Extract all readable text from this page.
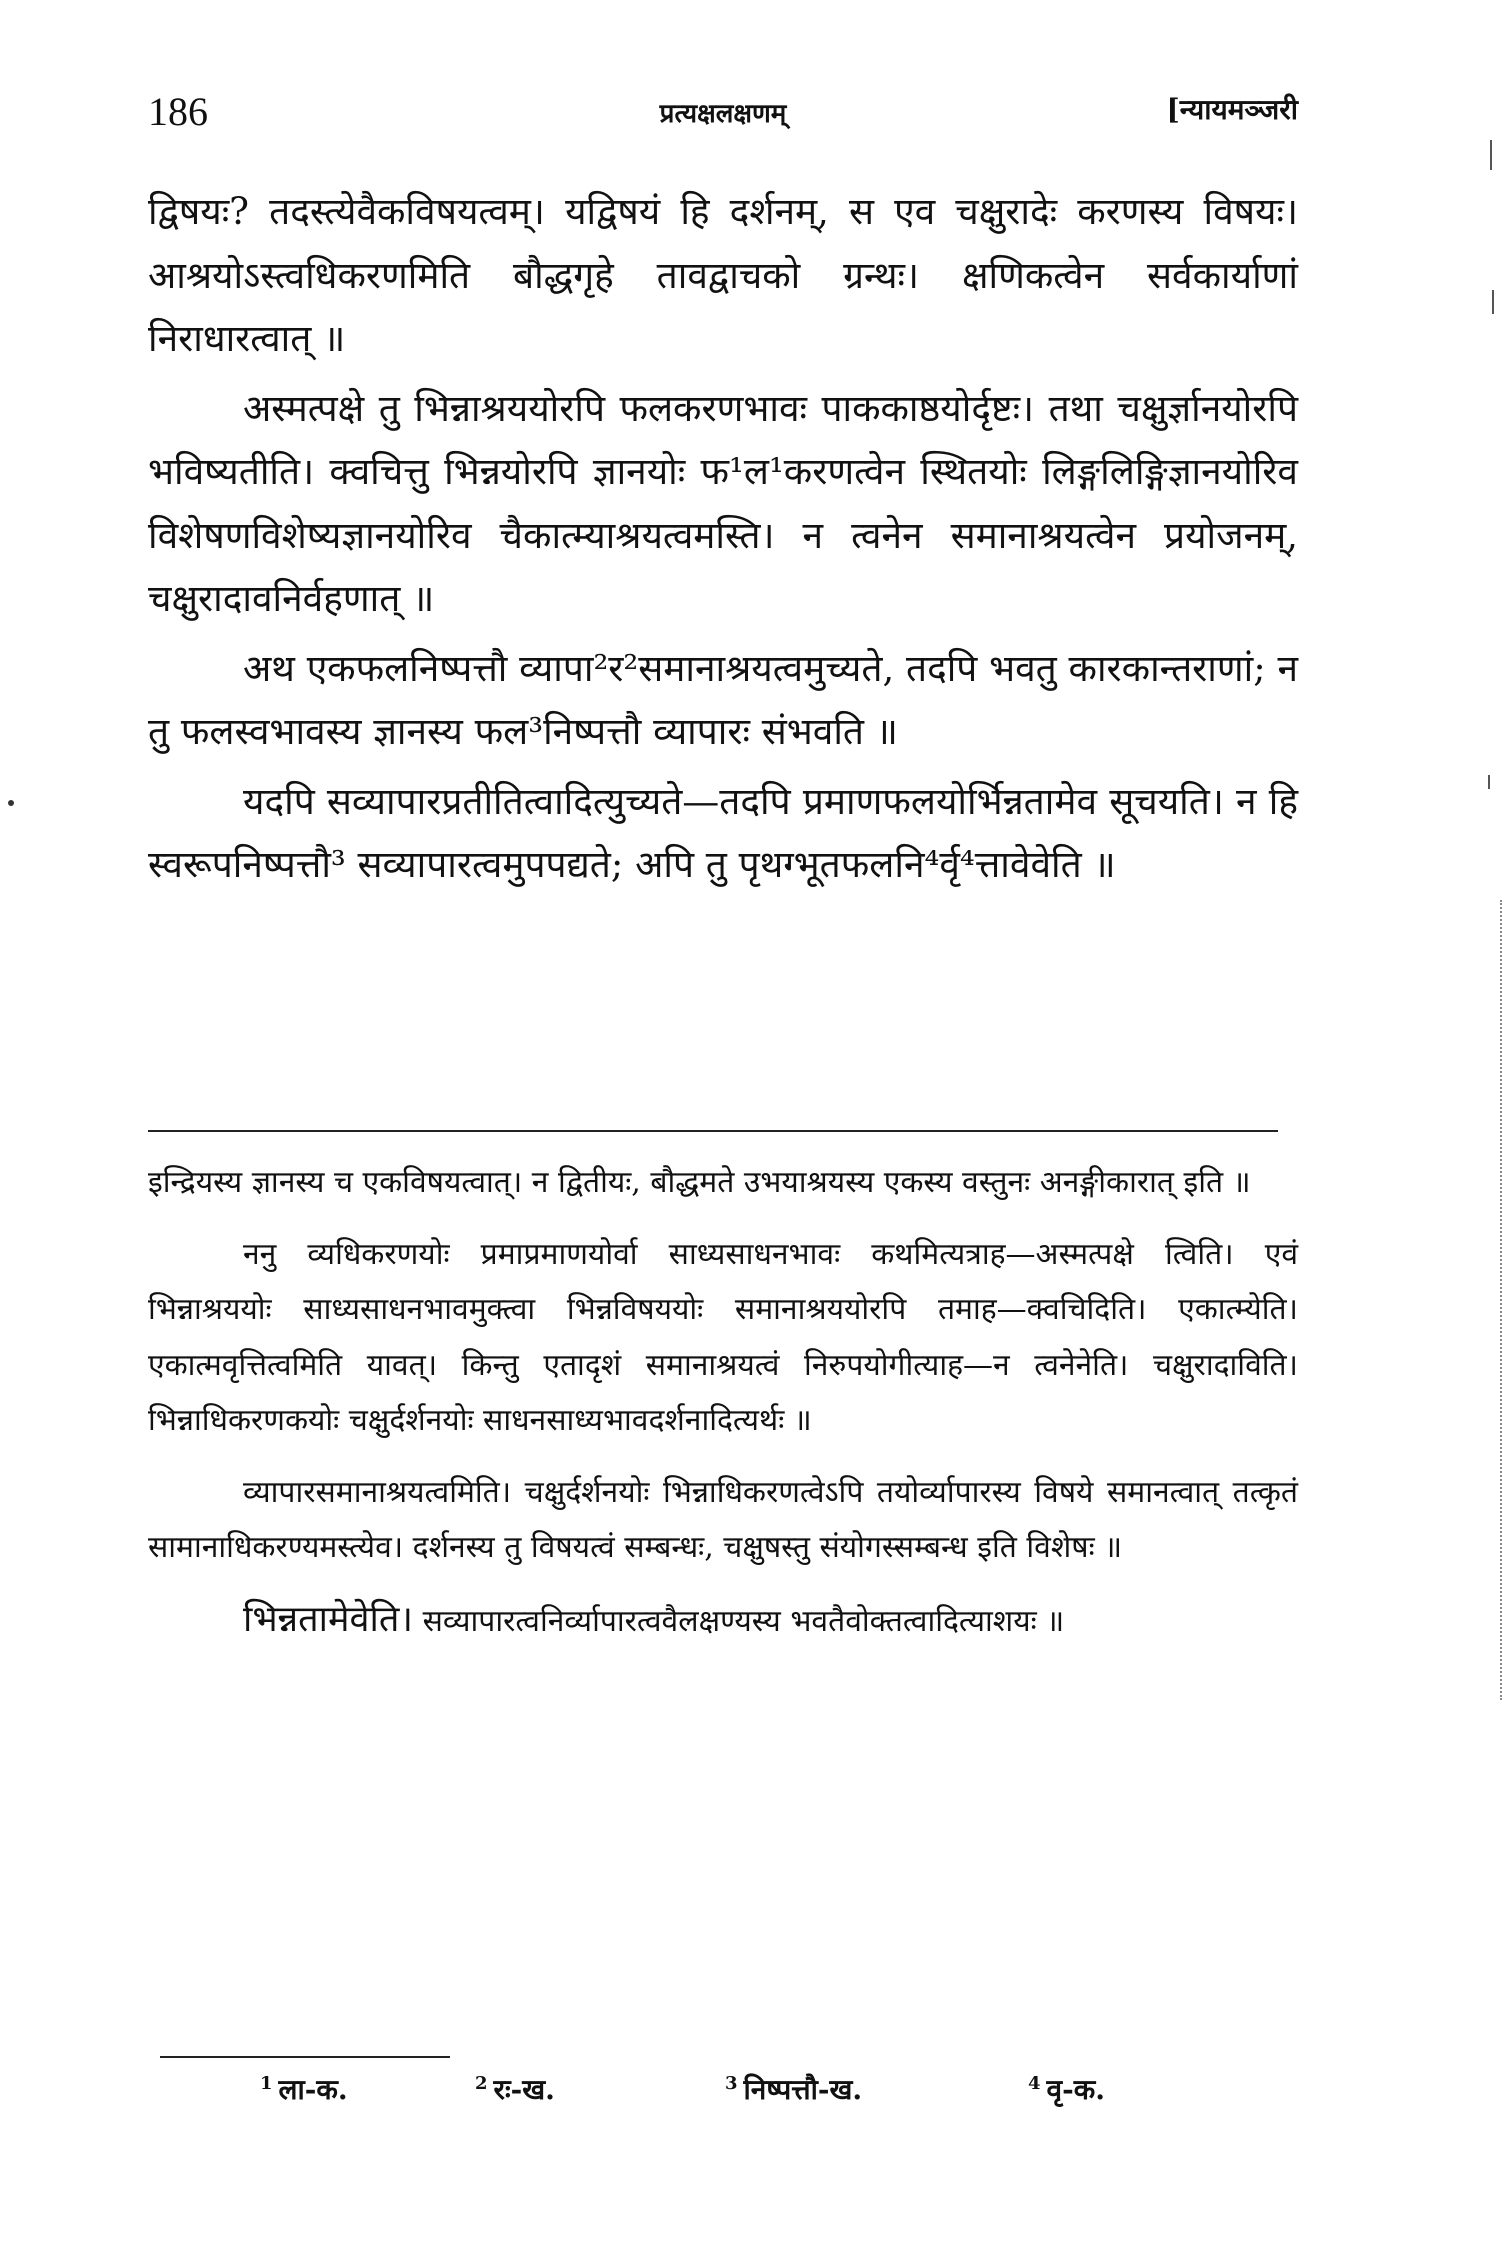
186	प्रत्यक्षलक्षणम्	[न्यायमञ्जरी

द्विषयः? तदस्त्येवैकविषयत्वम्। यद्विषयं हि दर्शनम्, स एव चक्षुरादेः करणस्य विषयः। आश्रयोऽस्त्वधिकरणमिति बौद्धगृहे तावद्वाचको ग्रन्थः। क्षणिकत्वेन सर्वकार्याणां निराधारत्वात् ॥

अस्मत्पक्षे तु भिन्नाश्रययोरपि फलकरणभावः पाककाष्ठयोर्दृष्टः। तथा चक्षुर्ज्ञानयोरपि भविष्यतीति। क्वचित्तु भिन्नयोरपि ज्ञानयोः फ¹ल¹करणत्वेन स्थितयोः लिङ्गलिङ्गिज्ञानयोरिव विशेषणविशेष्यज्ञानयोरिव चैकात्म्याश्रयत्वमस्ति। न त्वनेन समानाश्रयत्वेन प्रयोजनम्, चक्षुरादावनिर्वहणात् ॥

अथ एकफलनिष्पत्तौ व्यापा²र²समानाश्रयत्वमुच्यते, तदपि भवतु कारकान्तराणां; न तु फलस्वभावस्य ज्ञानस्य फल³निष्पत्तौ व्यापारः संभवति ॥

यदपि सव्यापारप्रतीतित्वादित्युच्यते—तदपि प्रमाणफलयोर्भिन्नतामेव सूचयति। न हि स्वरूपनिष्पत्तौ³ सव्यापारत्वमुपपद्यते; अपि तु पृथग्भूतफलनि⁴र्वृ⁴त्तावेवेति ॥

इन्द्रियस्य ज्ञानस्य च एकविषयत्वात्। न द्वितीयः, बौद्धमते उभयाश्रयस्य एकस्य वस्तुनः अनङ्गीकारात् इति ॥

ननु व्यधिकरणयोः प्रमाप्रमाणयोर्वा साध्यसाधनभावः कथमित्यत्राह—अस्मत्पक्षे त्विति। एवं भिन्नाश्रययोः साध्यसाधनभावमुक्त्वा भिन्नविषययोः समानाश्रययोरपि तमाह—क्वचिदिति। एकात्म्येति। एकात्मवृत्तित्वमिति यावत्। किन्तु एतादृशं समानाश्रयत्वं निरुपयोगीत्याह—न त्वनेनेति। चक्षुरादाविति। भिन्नाधिकरणकयोः चक्षुर्दर्शनयोः साधनसाध्यभावदर्शनादित्यर्थः ॥

व्यापारसमानाश्रयत्वमिति। चक्षुर्दर्शनयोः भिन्नाधिकरणत्वेऽपि तयोर्व्यापारस्य विषये समानत्वात् तत्कृतं सामानाधिकरण्यमस्त्येव। दर्शनस्य तु विषयत्वं सम्बन्धः, चक्षुषस्तु संयोगस्सम्बन्ध इति विशेषः ॥

भिन्नतामेवेति। सव्यापारत्वनिर्व्यापारत्ववैलक्षण्यस्य भवतैवोक्तत्वादित्याशयः ॥

$^1$ ला-क.	$^2$ रः-ख.	$^3$ निष्पत्तौ-ख.	$^4$ वृ-क.
